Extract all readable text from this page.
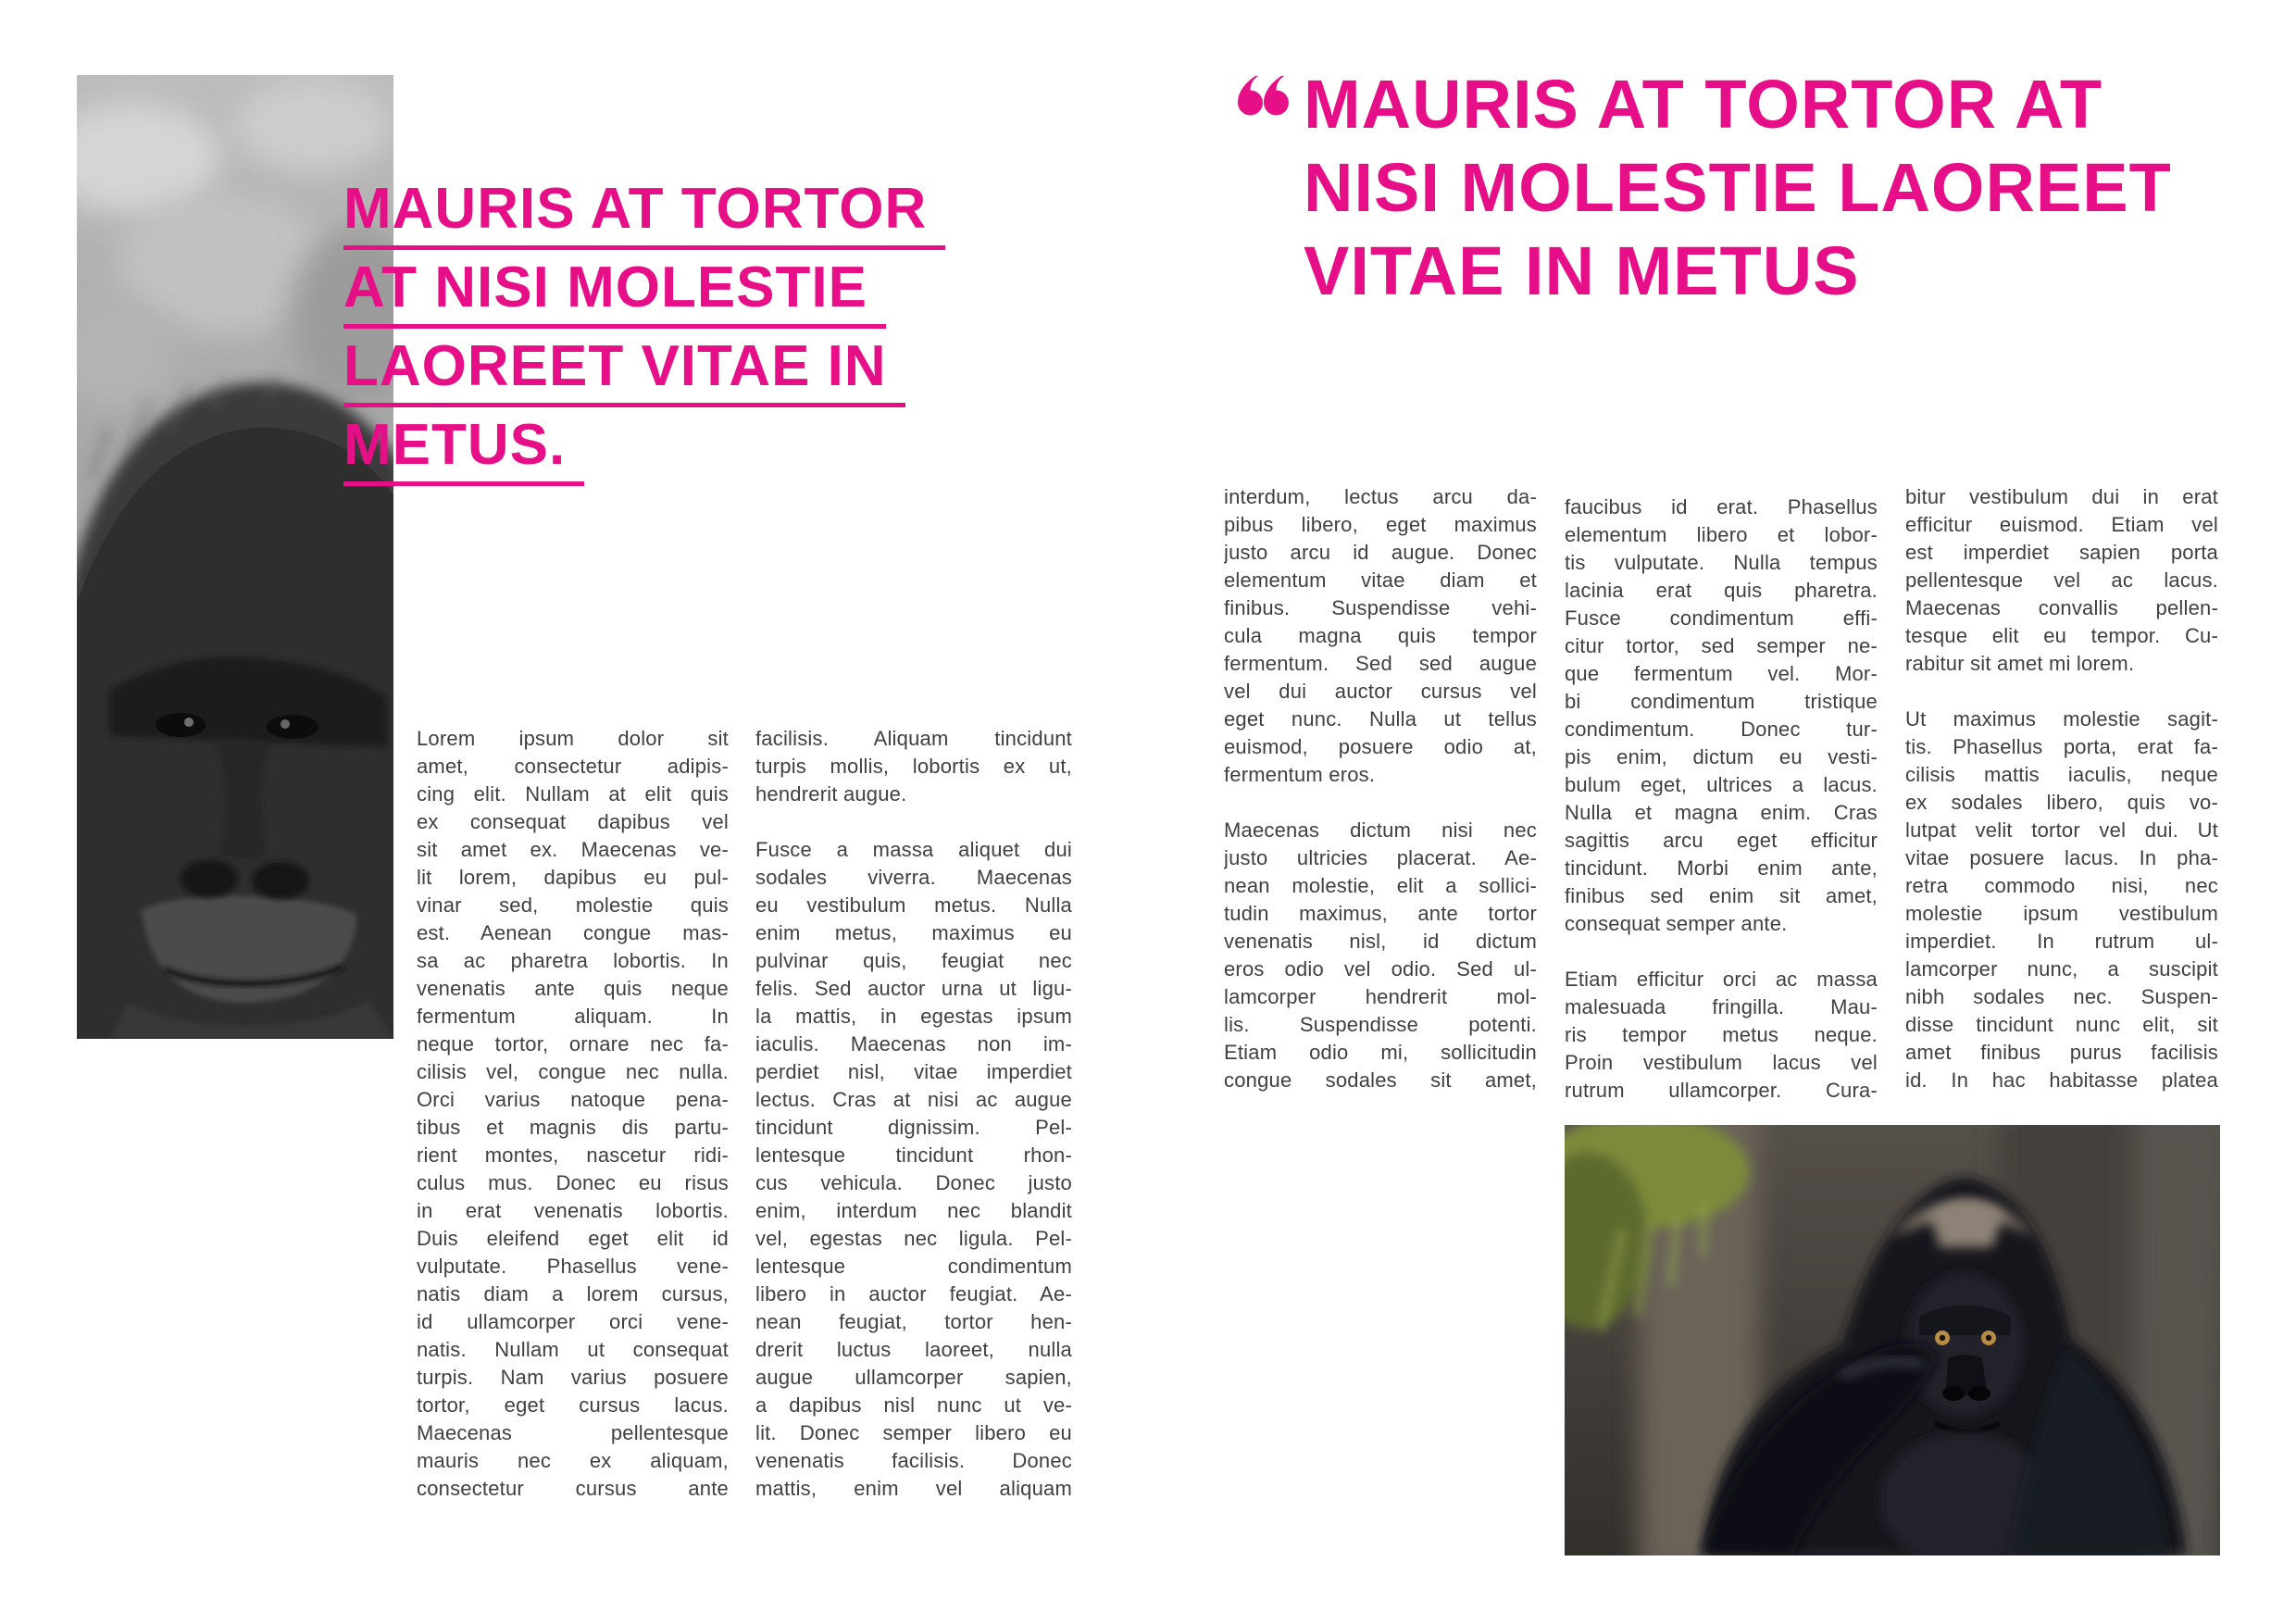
MAURIS AT TORTOR
AT NISI MOLESTIE
LAOREET VITAE IN
METUS.
Lorem ipsum dolor sit
amet, consectetur adipis-
cing elit. Nullam at elit quis
ex consequat dapibus vel
sit amet ex. Maecenas ve-
lit lorem, dapibus eu pul-
vinar sed, molestie quis
est. Aenean congue mas-
sa ac pharetra lobortis. In
venenatis ante quis neque
fermentum aliquam. In
neque tortor, ornare nec fa-
cilisis vel, congue nec nulla.
Orci varius natoque pena-
tibus et magnis dis partu-
rient montes, nascetur ridi-
culus mus. Donec eu risus
in erat venenatis lobortis.
Duis eleifend eget elit id
vulputate. Phasellus vene-
natis diam a lorem cursus,
id ullamcorper orci vene-
natis. Nullam ut consequat
turpis. Nam varius posuere
tortor, eget cursus lacus.
Maecenas pellentesque
mauris nec ex aliquam,
consectetur cursus ante
facilisis. Aliquam tincidunt
turpis mollis, lobortis ex ut,
hendrerit augue.
Fusce a massa aliquet dui
sodales viverra. Maecenas
eu vestibulum metus. Nulla
enim metus, maximus eu
pulvinar quis, feugiat nec
felis. Sed auctor urna ut ligu-
la mattis, in egestas ipsum
iaculis. Maecenas non im-
perdiet nisl, vitae imperdiet
lectus. Cras at nisi ac augue
tincidunt dignissim. Pel-
lentesque tincidunt rhon-
cus vehicula. Donec justo
enim, interdum nec blandit
vel, egestas nec ligula. Pel-
lentesque condimentum
libero in auctor feugiat. Ae-
nean feugiat, tortor hen-
drerit luctus laoreet, nulla
augue ullamcorper sapien,
a dapibus nisl nunc ut ve-
lit. Donec semper libero eu
venenatis facilisis. Donec
mattis, enim vel aliquam
MAURIS AT TORTOR AT
NISI MOLESTIE LAOREET
VITAE IN METUS
interdum, lectus arcu da-
pibus libero, eget maximus
justo arcu id augue. Donec
elementum vitae diam et
finibus. Suspendisse vehi-
cula magna quis tempor
fermentum. Sed sed augue
vel dui auctor cursus vel
eget nunc. Nulla ut tellus
euismod, posuere odio at,
fermentum eros.
Maecenas dictum nisi nec
justo ultricies placerat. Ae-
nean molestie, elit a sollici-
tudin maximus, ante tortor
venenatis nisl, id dictum
eros odio vel odio. Sed ul-
lamcorper hendrerit mol-
lis. Suspendisse potenti.
Etiam odio mi, sollicitudin
congue sodales sit amet,
faucibus id erat. Phasellus
elementum libero et lobor-
tis vulputate. Nulla tempus
lacinia erat quis pharetra.
Fusce condimentum effi-
citur tortor, sed semper ne-
que fermentum vel. Mor-
bi condimentum tristique
condimentum. Donec tur-
pis enim, dictum eu vesti-
bulum eget, ultrices a lacus.
Nulla et magna enim. Cras
sagittis arcu eget efficitur
tincidunt. Morbi enim ante,
finibus sed enim sit amet,
consequat semper ante.
Etiam efficitur orci ac massa
malesuada fringilla. Mau-
ris tempor metus neque.
Proin vestibulum lacus vel
rutrum ullamcorper. Cura-
bitur vestibulum dui in erat
efficitur euismod. Etiam vel
est imperdiet sapien porta
pellentesque vel ac lacus.
Maecenas convallis pellen-
tesque elit eu tempor. Cu-
rabitur sit amet mi lorem.
Ut maximus molestie sagit-
tis. Phasellus porta, erat fa-
cilisis mattis iaculis, neque
ex sodales libero, quis vo-
lutpat velit tortor vel dui. Ut
vitae posuere lacus. In pha-
retra commodo nisi, nec
molestie ipsum vestibulum
imperdiet. In rutrum ul-
lamcorper nunc, a suscipit
nibh sodales nec. Suspen-
disse tincidunt nunc elit, sit
amet finibus purus facilisis
id. In hac habitasse platea
